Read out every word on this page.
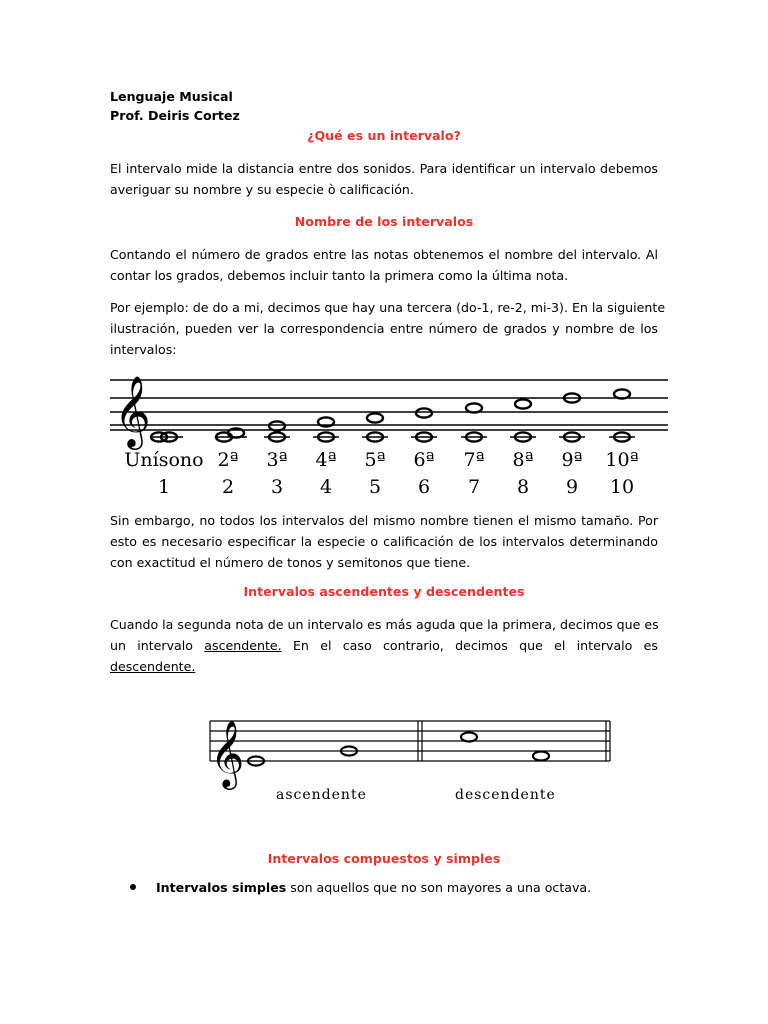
Lenguaje Musical
Prof. Deiris Cortez
¿Qué es un intervalo?
El intervalo mide la distancia entre dos sonidos. Para identificar un intervalo debemos
averiguar su nombre y su especie ò calificación.
Nombre de los intervalos
Contando el número de grados entre las notas obtenemos el nombre del intervalo. Al
contar los grados, debemos incluir tanto la primera como la última nota.
Por ejemplo: de do a mi, decimos que hay una tercera (do-1, re-2, mi-3). En la siguiente
ilustración, pueden ver la correspondencia entre número de grados y nombre de los
intervalos:
𝄞
Unísono 2ª 3ª 4ª 5ª 6ª 7ª 8ª 9ª 10ª
1	2 3 4 5 6 7 8 9 10
Sin embargo, no todos los intervalos del mismo nombre tienen el mismo tamaño. Por
esto es necesario especificar la especie o calificación de los intervalos determinando
con exactitud el número de tonos y semitonos que tiene.
Intervalos ascendentes y descendentes
Cuando la segunda nota de un intervalo es más aguda que la primera, decimos que es
un intervalo ascendente. En el caso contrario, decimos que el intervalo es
descendente.
𝄞
ascendente	descendente
Intervalos compuestos y simples
Intervalos simples son aquellos que no son mayores a una octava.
